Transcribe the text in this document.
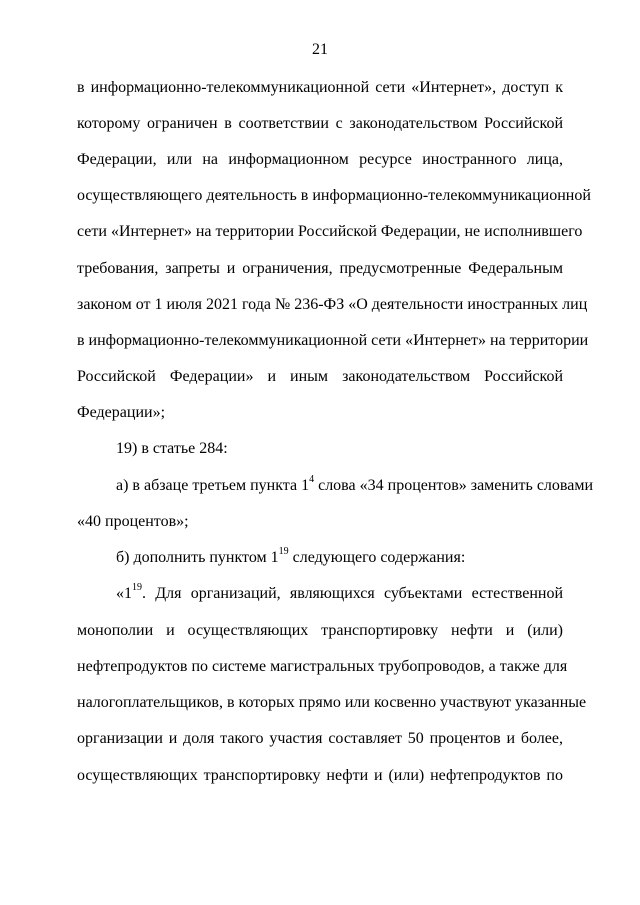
21
в информационно-телекоммуникационной сети «Интернет», доступ к
которому ограничен в соответствии с законодательством Российской
Федерации, или на информационном ресурсе иностранного лица,
осуществляющего деятельность в информационно-телекоммуникационной
сети «Интернет» на территории Российской Федерации, не исполнившего
требования, запреты и ограничения, предусмотренные Федеральным
законом от 1 июля 2021 года № 236-ФЗ «О деятельности иностранных лиц
в информационно-телекоммуникационной сети «Интернет» на территории
Российской Федерации» и иным законодательством Российской
Федерации»;
19) в статье 284:
а) в абзаце третьем пункта $1^4$ слова «34 процентов» заменить словами
«40 процентов»;
б) дополнить пунктом $1^{19}$ следующего содержания:
«$1^{19}$. Для организаций, являющихся субъектами естественной
монополии и осуществляющих транспортировку нефти и (или)
нефтепродуктов по системе магистральных трубопроводов, а также для
налогоплательщиков, в которых прямо или косвенно участвуют указанные
организации и доля такого участия составляет 50 процентов и более,
осуществляющих транспортировку нефти и (или) нефтепродуктов по
